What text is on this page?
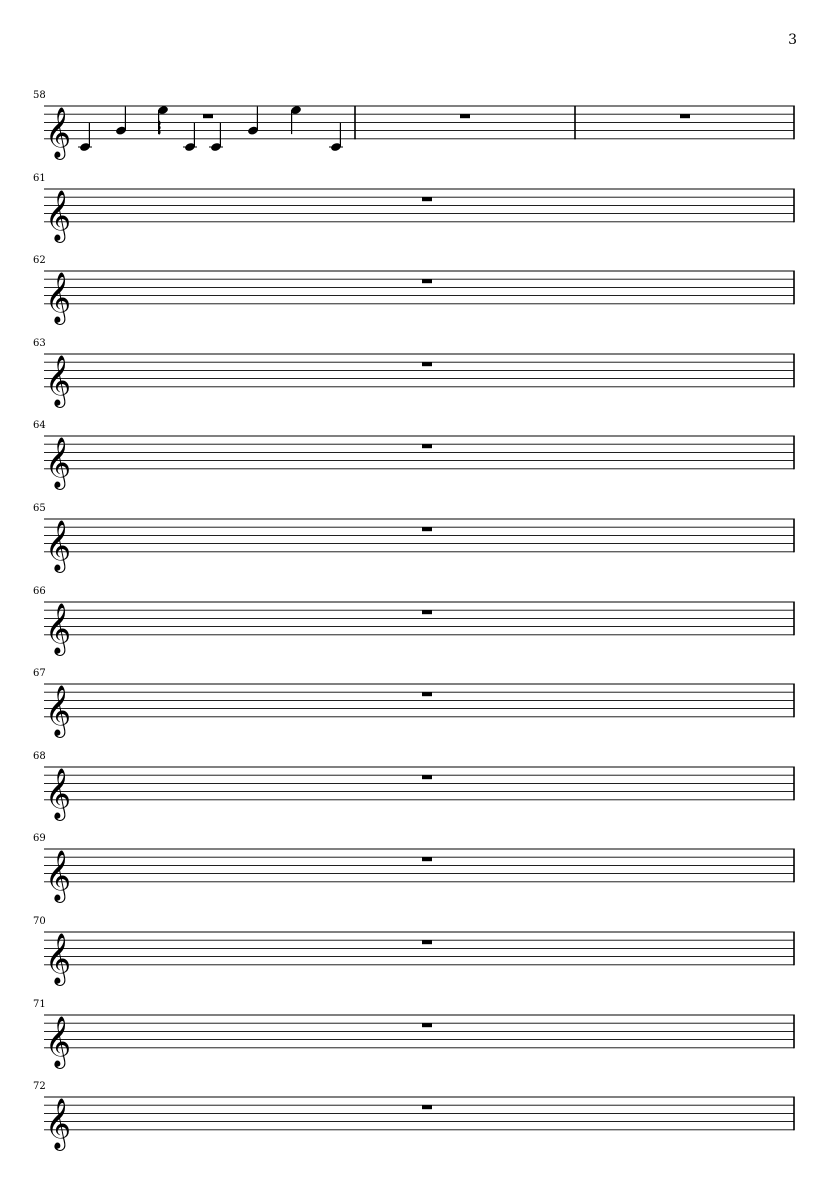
3
58
𝄞
61
𝄞
62
𝄞
63
𝄞
64
𝄞
65
𝄞
66
𝄞
67
𝄞
68
𝄞
69
𝄞
70
𝄞
71
𝄞
72
𝄞
